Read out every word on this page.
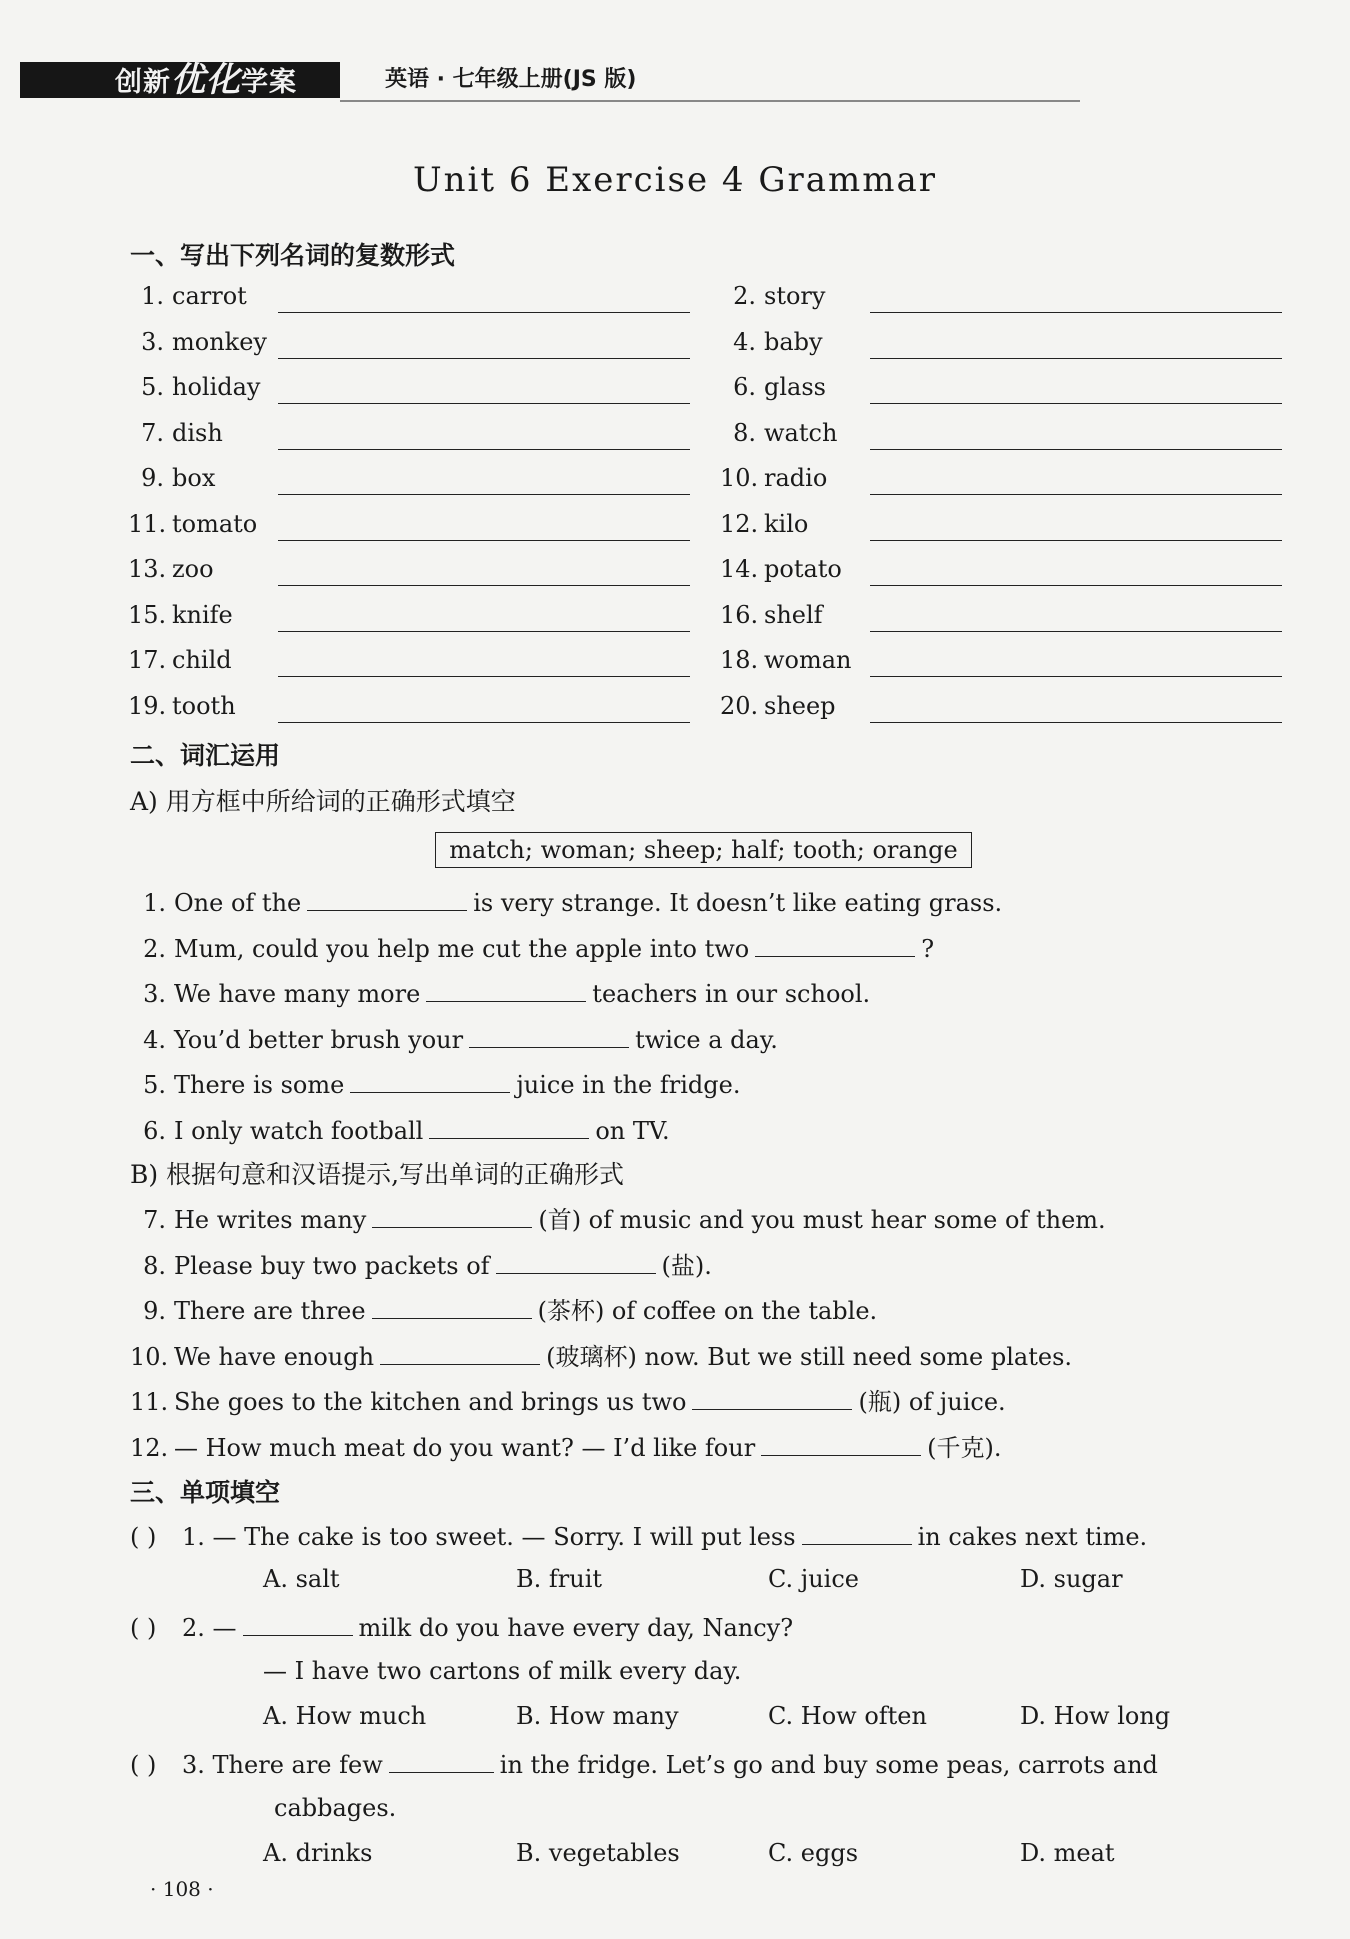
创新优化学案	英语 · 七年级上册(JS 版)
Unit 6 Exercise 4 Grammar
一、写出下列名词的复数形式
1. carrot	2. story
3. monkey	4. baby
5. holiday	6. glass
7. dish	8. watch
9. box	10. radio
11. tomato	12. kilo
13. zoo	14. potato
15. knife	16. shelf
17. child	18. woman
19. tooth	20. sheep
二、词汇运用
A) 用方框中所给词的正确形式填空
match; woman; sheep; half; tooth; orange
1. One of the	is very strange. It doesn’t like eating grass.
2. Mum, could you help me cut the apple into two	?
3. We have many more	teachers in our school.
4. You’d better brush your	twice a day.
5. There is some	juice in the fridge.
6. I only watch football	on TV.
B) 根据句意和汉语提示,写出单词的正确形式
7. He writes many	(首) of music and you must hear some of them.
8. Please buy two packets of	(盐).
9. There are three	(茶杯) of coffee on the table.
10. We have enough	(玻璃杯) now. But we still need some plates.
11. She goes to the kitchen and brings us two	(瓶) of juice.
12. — How much meat do you want? — I’d like four	(千克).
三、单项填空
( ) 1. — The cake is too sweet. — Sorry. I will put less	in cakes next time.
A. salt	B. fruit	C. juice	D. sugar
( ) 2. —	milk do you have every day, Nancy?
— I have two cartons of milk every day.
A. How much	B. How many	C. How often	D. How long
( ) 3. There are few	in the fridge. Let’s go and buy some peas, carrots and
cabbages.
A. drinks	B. vegetables	C. eggs	D. meat
· 108 ·
